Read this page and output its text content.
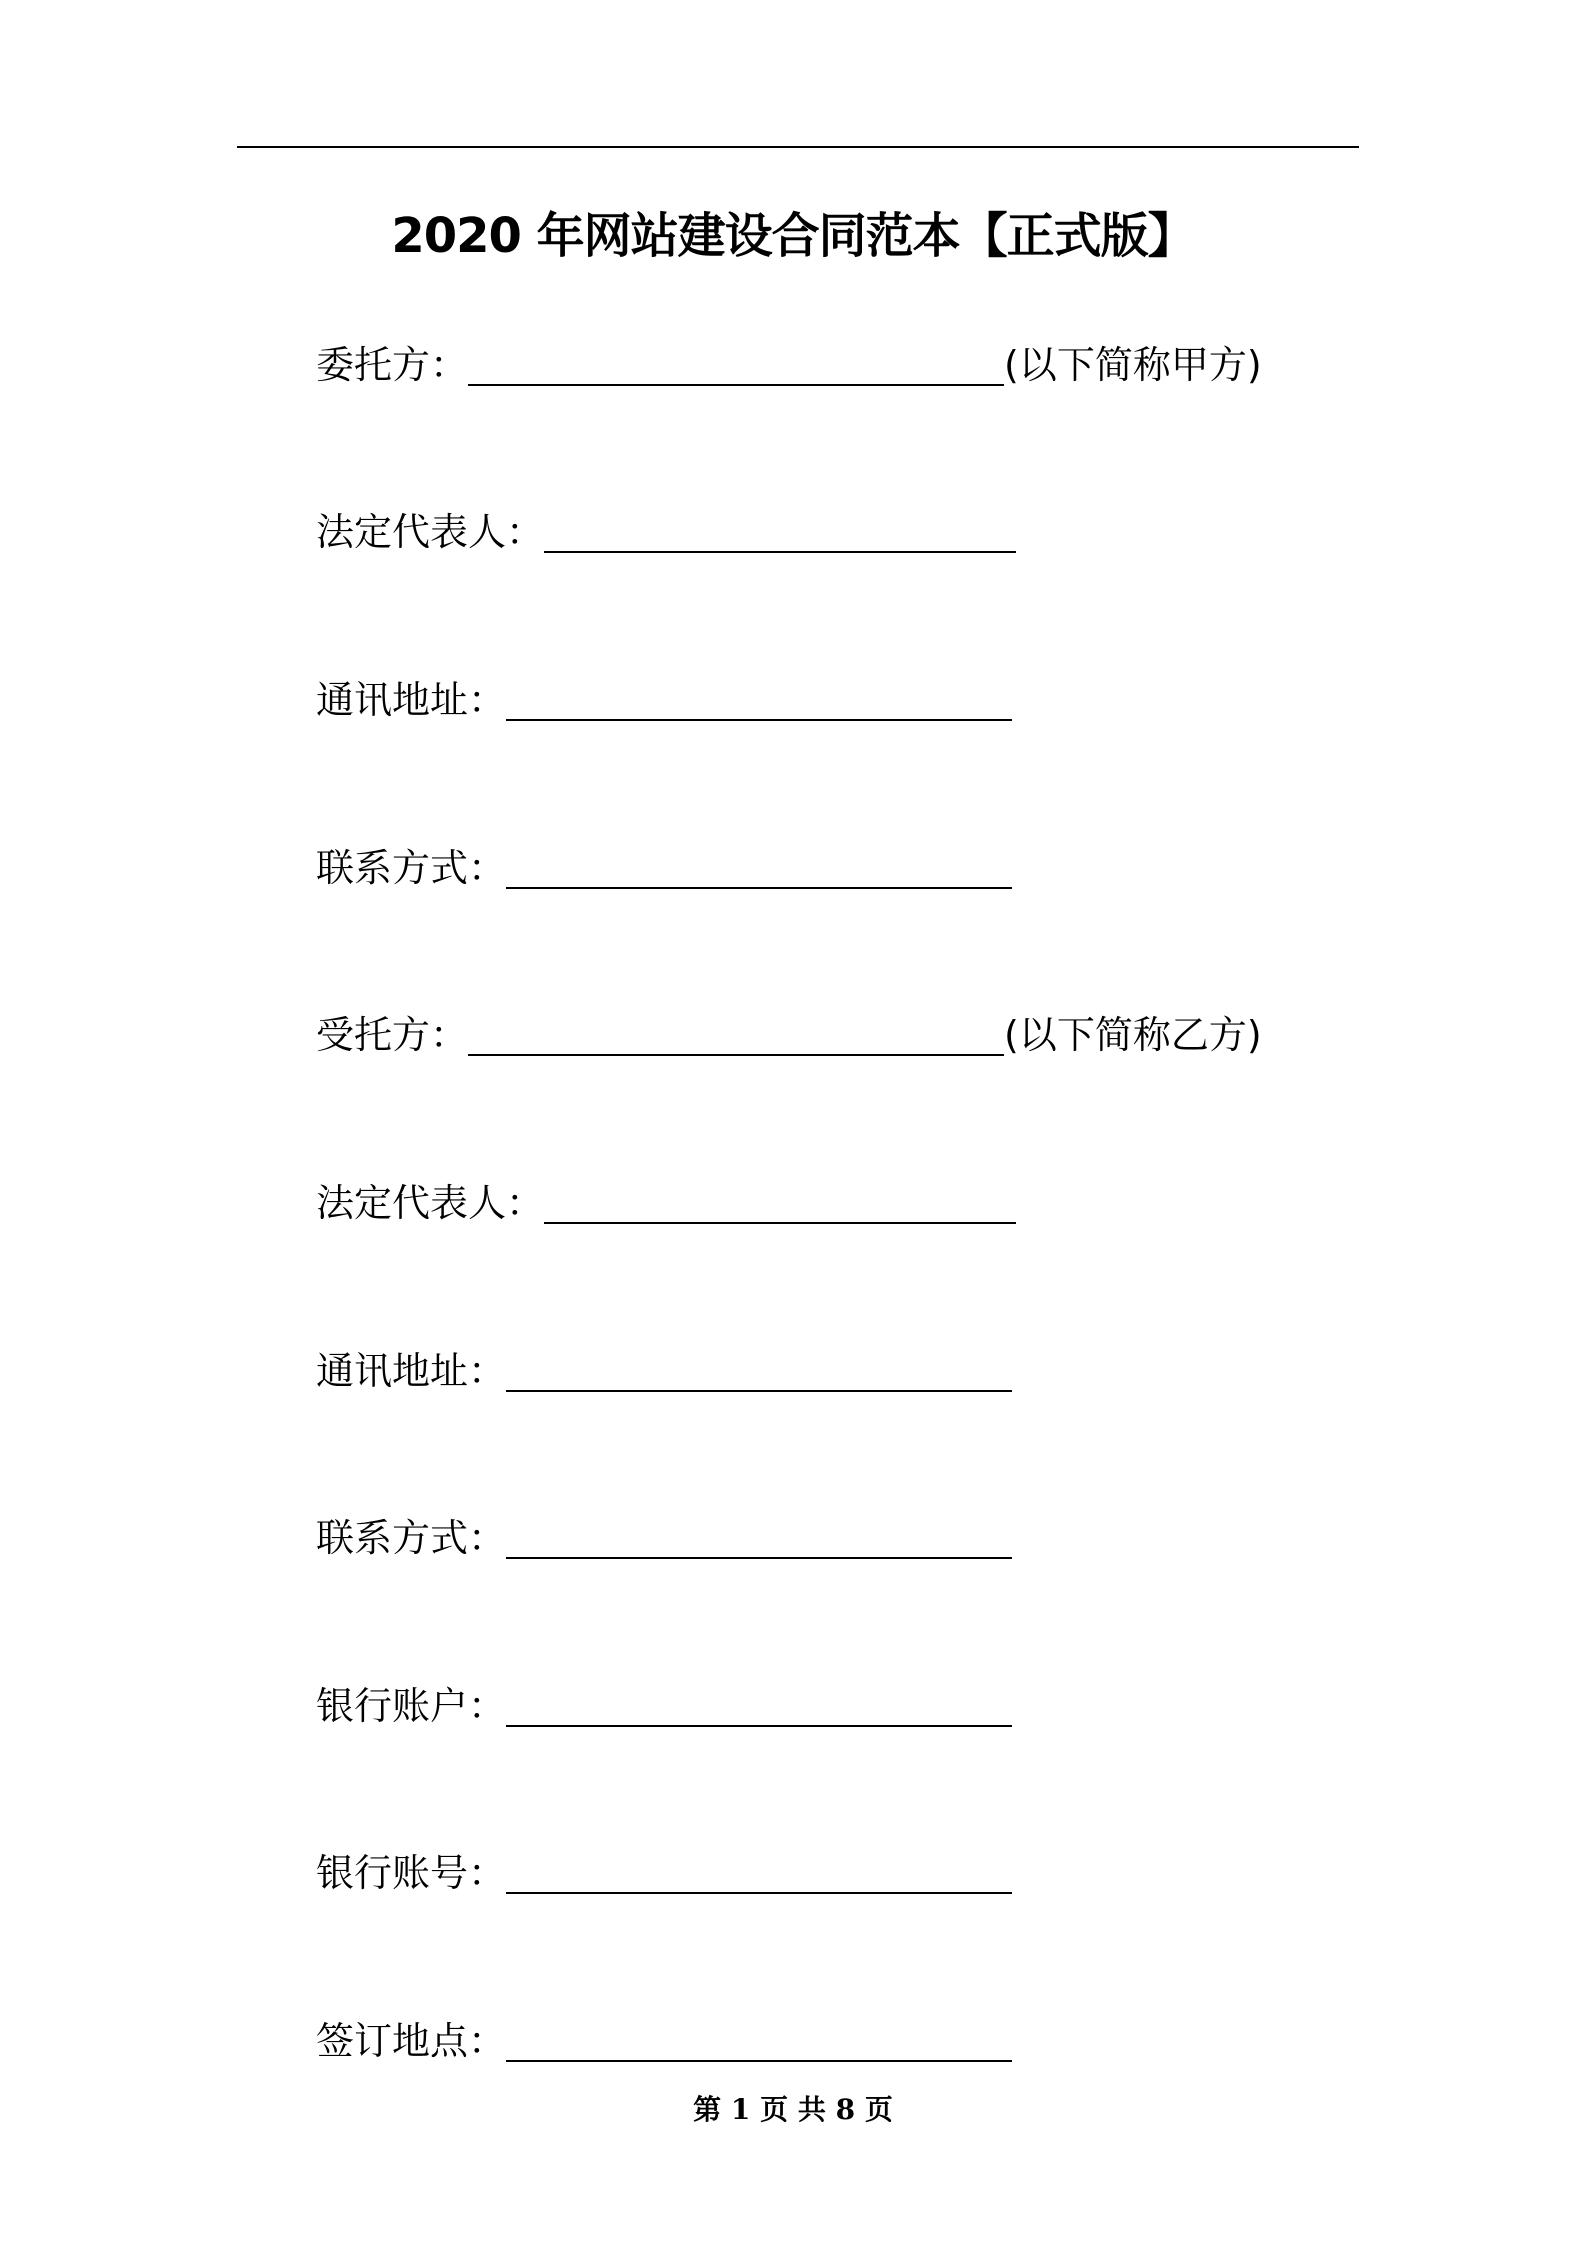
2020 年网站建设合同范本【正式版】
委托方：	(以下简称甲方)
法定代表人：
通讯地址：
联系方式：
受托方：	(以下简称乙方)
法定代表人：
通讯地址：
联系方式：
银行账户：
银行账号：
签订地点：
第 1 页 共 8 页
